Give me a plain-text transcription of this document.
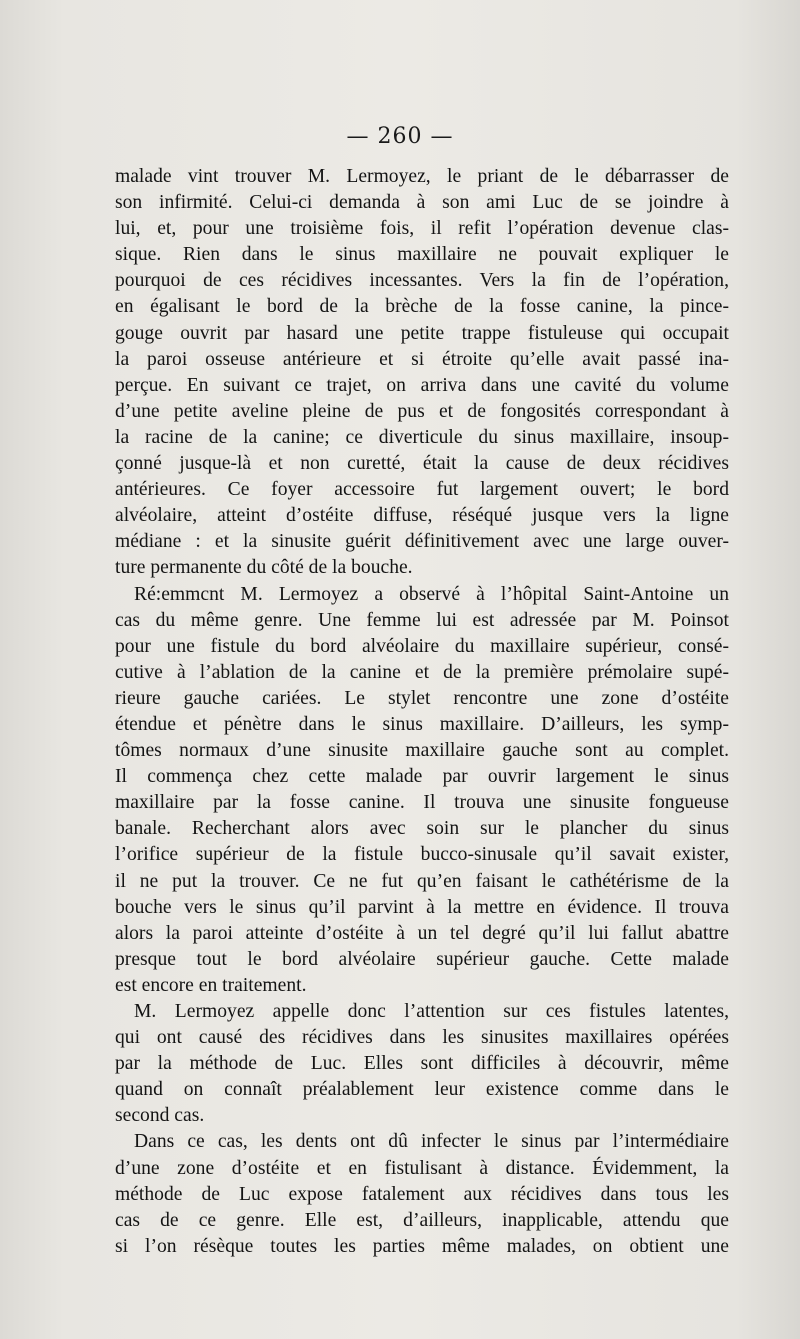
— 260 —
malade vint trouver M. Lermoyez, le priant de le débarrasser de
son infirmité. Celui-ci demanda à son ami Luc de se joindre à
lui, et, pour une troisième fois, il refit l’opération devenue clas-
sique. Rien dans le sinus maxillaire ne pouvait expliquer le
pourquoi de ces récidives incessantes. Vers la fin de l’opération,
en égalisant le bord de la brèche de la fosse canine, la pince-
gouge ouvrit par hasard une petite trappe fistuleuse qui occupait
la paroi osseuse antérieure et si étroite qu’elle avait passé ina-
perçue. En suivant ce trajet, on arriva dans une cavité du volume
d’une petite aveline pleine de pus et de fongosités correspondant à
la racine de la canine; ce diverticule du sinus maxillaire, insoup-
çonné jusque-là et non curetté, était la cause de deux récidives
antérieures. Ce foyer accessoire fut largement ouvert; le bord
alvéolaire, atteint d’ostéite diffuse, réséqué jusque vers la ligne
médiane : et la sinusite guérit définitivement avec une large ouver-
ture permanente du côté de la bouche.
Ré:emmcnt M. Lermoyez a observé à l’hôpital Saint-Antoine un
cas du même genre. Une femme lui est adressée par M. Poinsot
pour une fistule du bord alvéolaire du maxillaire supérieur, consé-
cutive à l’ablation de la canine et de la première prémolaire supé-
rieure gauche cariées. Le stylet rencontre une zone d’ostéite
étendue et pénètre dans le sinus maxillaire. D’ailleurs, les symp-
tômes normaux d’une sinusite maxillaire gauche sont au complet.
Il commença chez cette malade par ouvrir largement le sinus
maxillaire par la fosse canine. Il trouva une sinusite fongueuse
banale. Recherchant alors avec soin sur le plancher du sinus
l’orifice supérieur de la fistule bucco-sinusale qu’il savait exister,
il ne put la trouver. Ce ne fut qu’en faisant le cathétérisme de la
bouche vers le sinus qu’il parvint à la mettre en évidence. Il trouva
alors la paroi atteinte d’ostéite à un tel degré qu’il lui fallut abattre
presque tout le bord alvéolaire supérieur gauche. Cette malade
est encore en traitement.
M. Lermoyez appelle donc l’attention sur ces fistules latentes,
qui ont causé des récidives dans les sinusites maxillaires opérées
par la méthode de Luc. Elles sont difficiles à découvrir, même
quand on connaît préalablement leur existence comme dans le
second cas.
Dans ce cas, les dents ont dû infecter le sinus par l’intermédiaire
d’une zone d’ostéite et en fistulisant à distance. Évidemment, la
méthode de Luc expose fatalement aux récidives dans tous les
cas de ce genre. Elle est, d’ailleurs, inapplicable, attendu que
si l’on résèque toutes les parties même malades, on obtient une
